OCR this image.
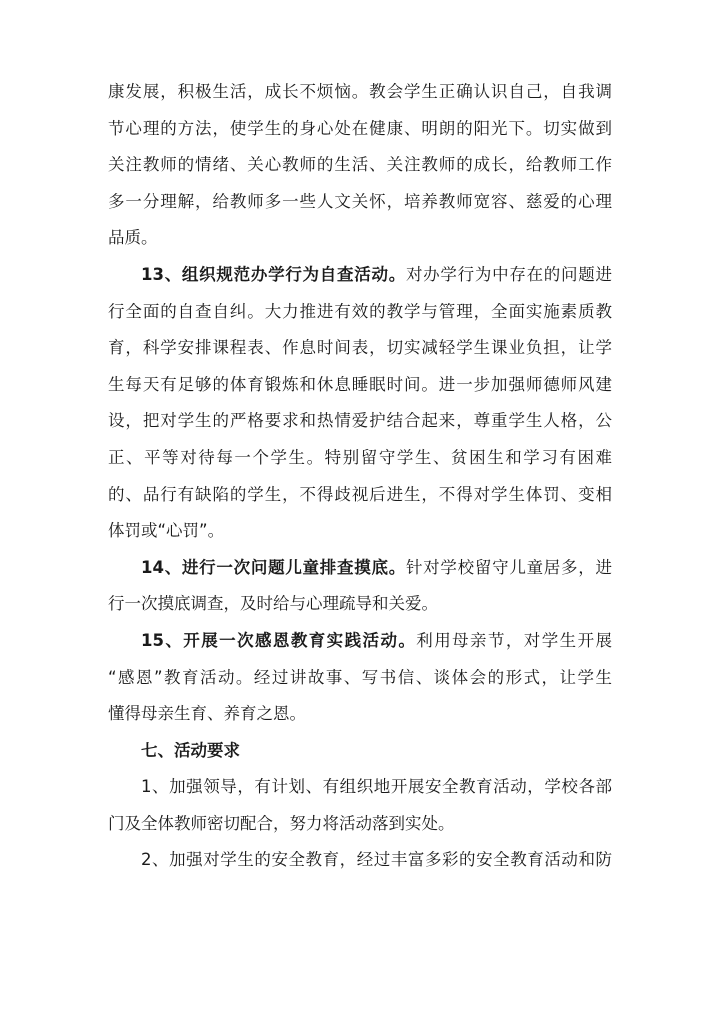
康发展，积极生活，成长不烦恼。教会学生正确认识自己，自我调
节心理的方法，使学生的身心处在健康、明朗的阳光下。切实做到
关注教师的情绪、关心教师的生活、关注教师的成长，给教师工作
多一分理解，给教师多一些人文关怀，培养教师宽容、慈爱的心理
品质。
13、组织规范办学行为自查活动。对办学行为中存在的问题进
行全面的自查自纠。大力推进有效的教学与管理，全面实施素质教
育，科学安排课程表、作息时间表，切实减轻学生课业负担，让学
生每天有足够的体育锻炼和休息睡眠时间。进一步加强师德师风建
设，把对学生的严格要求和热情爱护结合起来，尊重学生人格，公
正、平等对待每一个学生。特别留守学生、贫困生和学习有困难
的、品行有缺陷的学生，不得歧视后进生，不得对学生体罚、变相
体罚或“心罚”。
14、进行一次问题儿童排查摸底。针对学校留守儿童居多，进
行一次摸底调查，及时给与心理疏导和关爱。
15、开展一次感恩教育实践活动。利用母亲节，对学生开展
“感恩”教育活动。经过讲故事、写书信、谈体会的形式，让学生
懂得母亲生育、养育之恩。
七、活动要求
1、加强领导，有计划、有组织地开展安全教育活动，学校各部
门及全体教师密切配合，努力将活动落到实处。
2、加强对学生的安全教育，经过丰富多彩的安全教育活动和防
